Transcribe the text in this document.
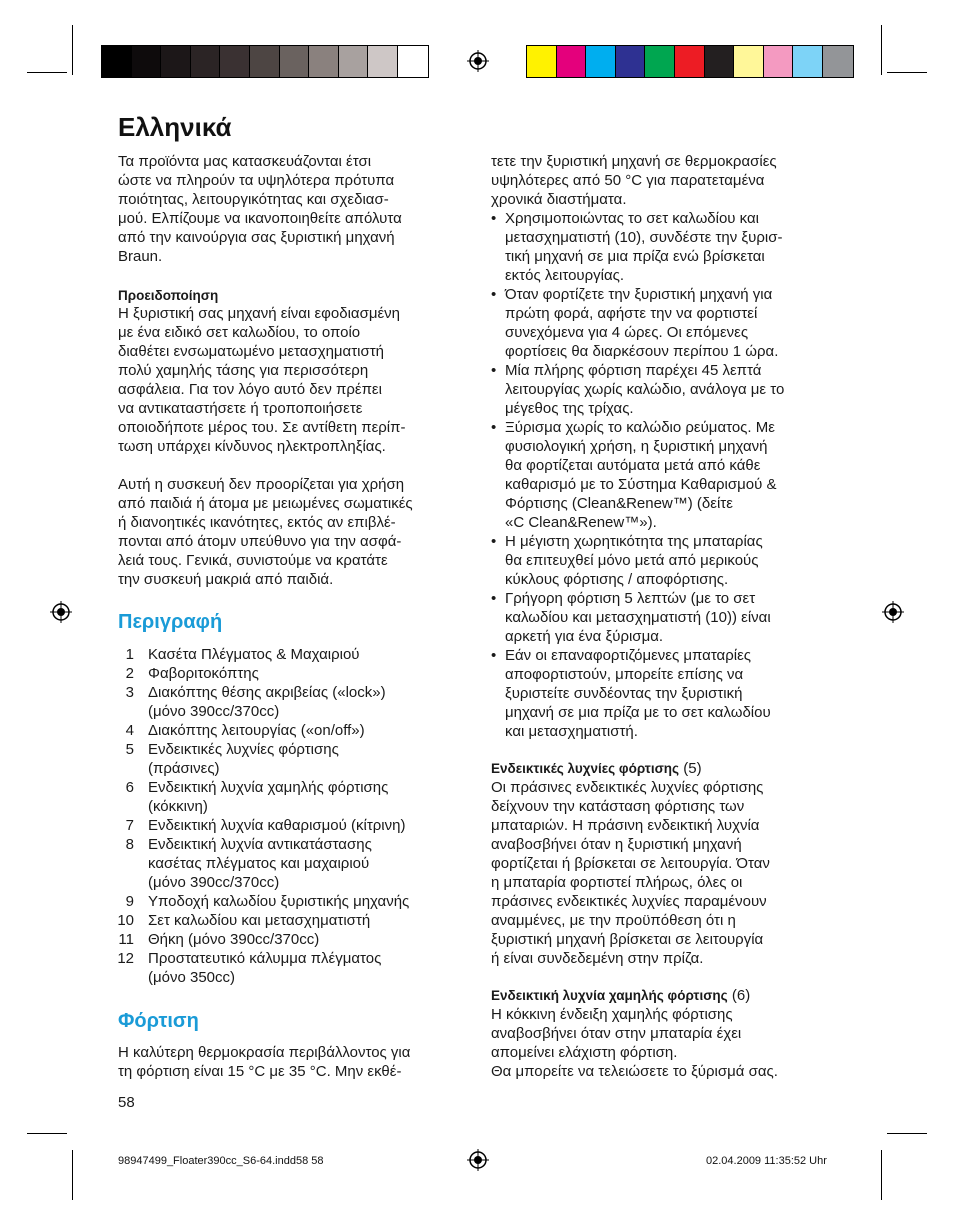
Ελληνικά
Τα προϊόντα μας κατασκευάζονται έτσι
ώστε να πληρούν τα υψηλότερα πρότυπα
ποιότητας, λειτουργικότητας και σχεδιασ-
μού. Ελπίζουμε να ικανοποιηθείτε απόλυτα
από την καινούργια σας ξυριστική μηχανή
Braun.
Προειδοποίηση
Η ξυριστική σας μηχανή είναι εφοδιασμένη
με ένα ειδικό σετ καλωδίου, το οποίο
διαθέτει ενσωματωμένο μετασχηματιστή
πολύ χαμηλής τάσης για περισσότερη
ασφάλεια. Για τον λόγο αυτό δεν πρέπει
να αντικαταστήσετε ή τροποποιήσετε
οποιοδήποτε μέρος του. Σε αντίθετη περίπ-
τωση υπάρχει κίνδυνος ηλεκτροπληξίας.
Αυτή η συσκευή δεν προορίζεται για χρήση
από παιδιά ή άτομα με μειωμένες σωματικές
ή διανοητικές ικανότητες, εκτός αν επιβλέ-
πονται από άτομν υπεύθυνο για την ασφά-
λειά τους. Γενικά, συνιστούμε να κρατάτε
την συσκευή μακριά από παιδιά.
Περιγραφή
1 Κασέτα Πλέγματος & Μαχαιριού
2 Φαβοριτοκόπτης
3 Διακόπτης θέσης ακριβείας («lock»)
(μόνο 390cc/370cc)
4 Διακόπτης λειτουργίας («on/off»)
5 Ενδεικτικές λυχνίες φόρτισης
(πράσινες)
6 Ενδεικτική λυχνία χαμηλής φόρτισης
(κόκκινη)
7 Ενδεικτική λυχνία καθαρισμού (κίτρινη)
8 Ενδεικτική λυχνία αντικατάστασης
κασέτας πλέγματος και μαχαιριού
(μόνο 390cc/370cc)
9 Υποδοχή καλωδίου ξυριστικής μηχανής
10 Σετ καλωδίου και μετασχηματιστή
11 Θήκη (μόνο 390cc/370cc)
12 Προστατευτικό κάλυμμα πλέγματος
(μόνο 350cc)
Φόρτιση
Η καλύτερη θερμοκρασία περιβάλλοντος για
τη φόρτιση είναι 15 °C με 35 °C. Μην εκθέ-
58
τετε την ξυριστική μηχανή σε θερμοκρασίες
υψηλότερες από 50 °C για παρατεταμένα
χρονικά διαστήματα.
• Χρησιμοποιώντας το σετ καλωδίου και
μετασχηματιστή (10), συνδέστε την ξυρισ-
τική μηχανή σε μια πρίζα ενώ βρίσκεται
εκτός λειτουργίας.
• Όταν φορτίζετε την ξυριστική μηχανή για
πρώτη φορά, αφήστε την να φορτιστεί
συνεχόμενα για 4 ώρες. Οι επόμενες
φορτίσεις θα διαρκέσουν περίπου 1 ώρα.
• Μία πλήρης φόρτιση παρέχει 45 λεπτά
λειτουργίας χωρίς καλώδιο, ανάλογα με το
μέγεθος της τρίχας.
• Ξύρισμα χωρίς το καλώδιο ρεύματος. Με
φυσιολογική χρήση, η ξυριστική μηχανή
θα φορτίζεται αυτόματα μετά από κάθε
καθαρισμό με το Σύστημα Καθαρισμού &
Φόρτισης (Clean&Renew™) (δείτε
«C Clean&Renew™»).
• Η μέγιστη χωρητικότητα της μπαταρίας
θα επιτευχθεί μόνο μετά από μερικούς
κύκλους φόρτισης / αποφόρτισης.
• Γρήγορη φόρτιση 5 λεπτών (με το σετ
καλωδίου και μετασχηματιστή (10)) είναι
αρκετή για ένα ξύρισμα.
• Εάν οι επαναφορτιζόμενες μπαταρίες
αποφορτιστούν, μπορείτε επίσης να
ξυριστείτε συνδέοντας την ξυριστική
μηχανή σε μια πρίζα με το σετ καλωδίου
και μετασχηματιστή.
Ενδεικτικές λυχνίες φόρτισης (5)
Οι πράσινες ενδεικτικές λυχνίες φόρτισης
δείχνουν την κατάσταση φόρτισης των
μπαταριών. Η πράσινη ενδεικτική λυχνία
αναβοσβήνει όταν η ξυριστική μηχανή
φορτίζεται ή βρίσκεται σε λειτουργία. Όταν
η μπαταρία φορτιστεί πλήρως, όλες οι
πράσινες ενδεικτικές λυχνίες παραμένουν
αναμμένες, με την προϋπόθεση ότι η
ξυριστική μηχανή βρίσκεται σε λειτουργία
ή είναι συνδεδεμένη στην πρίζα.
Ενδεικτική λυχνία χαμηλής φόρτισης (6)
Η κόκκινη ένδειξη χαμηλής φόρτισης
αναβοσβήνει όταν στην μπαταρία έχει
απομείνει ελάχιστη φόρτιση.
Θα μπορείτε να τελειώσετε το ξύρισμά σας.
98947499_Floater390cc_S6-64.indd58 58	02.04.2009 11:35:52 Uhr
